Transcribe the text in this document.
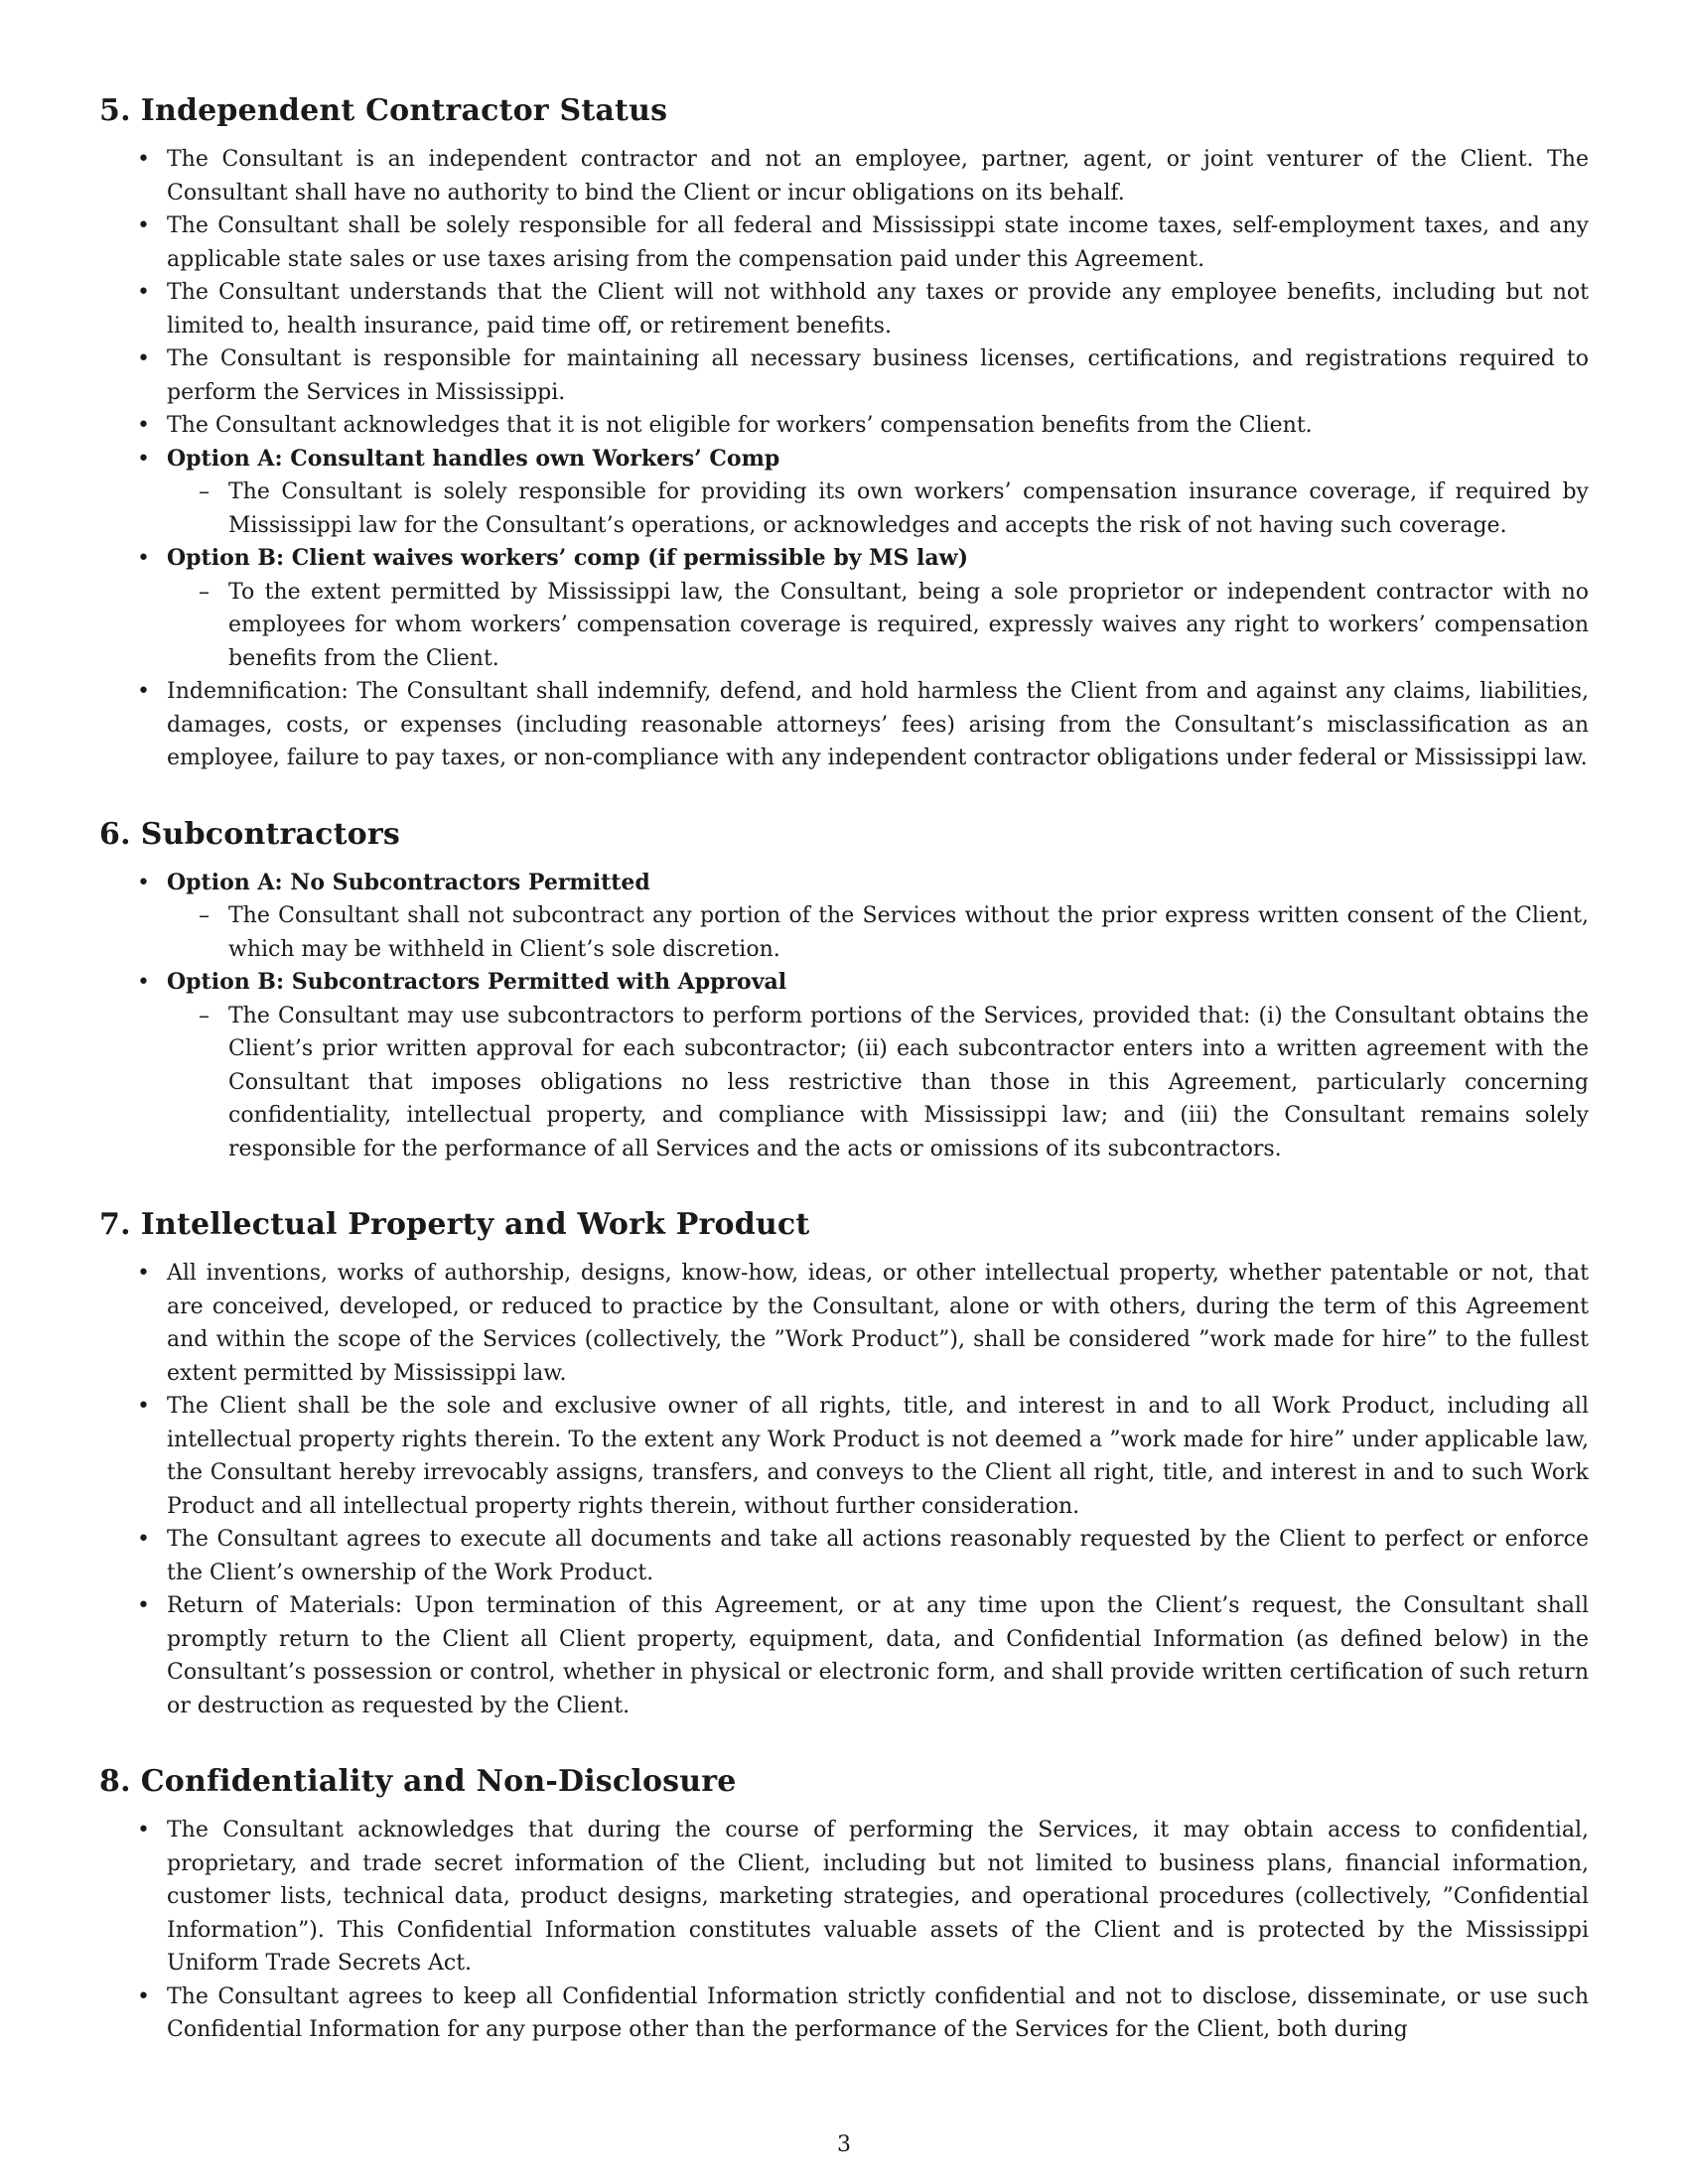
5. Independent Contractor Status
• The Consultant is an independent contractor and not an employee, partner, agent, or joint venturer of the Client. The Consultant shall have no authority to bind the Client or incur obligations on its behalf.
• The Consultant shall be solely responsible for all federal and Mississippi state income taxes, self-employment taxes, and any applicable state sales or use taxes arising from the compensation paid under this Agreement.
• The Consultant understands that the Client will not withhold any taxes or provide any employee benefits, including but not limited to, health insurance, paid time off, or retirement benefits.
• The Consultant is responsible for maintaining all necessary business licenses, certifications, and registrations required to perform the Services in Mississippi.
• The Consultant acknowledges that it is not eligible for workers’ compensation benefits from the Client.
• Option A: Consultant handles own Workers’ Comp
– The Consultant is solely responsible for providing its own workers’ compensation insurance coverage, if required by Mississippi law for the Consultant’s operations, or acknowledges and accepts the risk of not having such coverage.
• Option B: Client waives workers’ comp (if permissible by MS law)
– To the extent permitted by Mississippi law, the Consultant, being a sole proprietor or independent contractor with no employees for whom workers’ compensation coverage is required, expressly waives any right to workers’ compensation benefits from the Client.
• Indemnification: The Consultant shall indemnify, defend, and hold harmless the Client from and against any claims, liabilities, damages, costs, or expenses (including reasonable attorneys’ fees) arising from the Consultant’s misclassification as an employee, failure to pay taxes, or non-compliance with any independent contractor obligations under federal or Mississippi law.
6. Subcontractors
• Option A: No Subcontractors Permitted
– The Consultant shall not subcontract any portion of the Services without the prior express written consent of the Client, which may be withheld in Client’s sole discretion.
• Option B: Subcontractors Permitted with Approval
– The Consultant may use subcontractors to perform portions of the Services, provided that: (i) the Consultant obtains the Client’s prior written approval for each subcontractor; (ii) each subcontractor enters into a written agreement with the Consultant that imposes obligations no less restrictive than those in this Agreement, particularly concerning confidentiality, intellectual property, and compliance with Mississippi law; and (iii) the Consultant remains solely responsible for the performance of all Services and the acts or omissions of its subcontractors.
7. Intellectual Property and Work Product
• All inventions, works of authorship, designs, know-how, ideas, or other intellectual property, whether patentable or not, that are conceived, developed, or reduced to practice by the Consultant, alone or with others, during the term of this Agreement and within the scope of the Services (collectively, the ”Work Product”), shall be considered ”work made for hire” to the fullest extent permitted by Mississippi law.
• The Client shall be the sole and exclusive owner of all rights, title, and interest in and to all Work Product, including all intellectual property rights therein. To the extent any Work Product is not deemed a ”work made for hire” under applicable law, the Consultant hereby irrevocably assigns, transfers, and conveys to the Client all right, title, and interest in and to such Work Product and all intellectual property rights therein, without further consideration.
• The Consultant agrees to execute all documents and take all actions reasonably requested by the Client to perfect or enforce the Client’s ownership of the Work Product.
• Return of Materials: Upon termination of this Agreement, or at any time upon the Client’s request, the Consultant shall promptly return to the Client all Client property, equipment, data, and Confidential Information (as defined below) in the Consultant’s possession or control, whether in physical or electronic form, and shall provide written certification of such return or destruction as requested by the Client.
8. Confidentiality and Non-Disclosure
• The Consultant acknowledges that during the course of performing the Services, it may obtain access to confidential, proprietary, and trade secret information of the Client, including but not limited to business plans, financial information, customer lists, technical data, product designs, marketing strategies, and operational procedures (collectively, ”Confidential Information”). This Confidential Information constitutes valuable assets of the Client and is protected by the Mississippi Uniform Trade Secrets Act.
• The Consultant agrees to keep all Confidential Information strictly confidential and not to disclose, disseminate, or use such Confidential Information for any purpose other than the performance of the Services for the Client, both during
3
